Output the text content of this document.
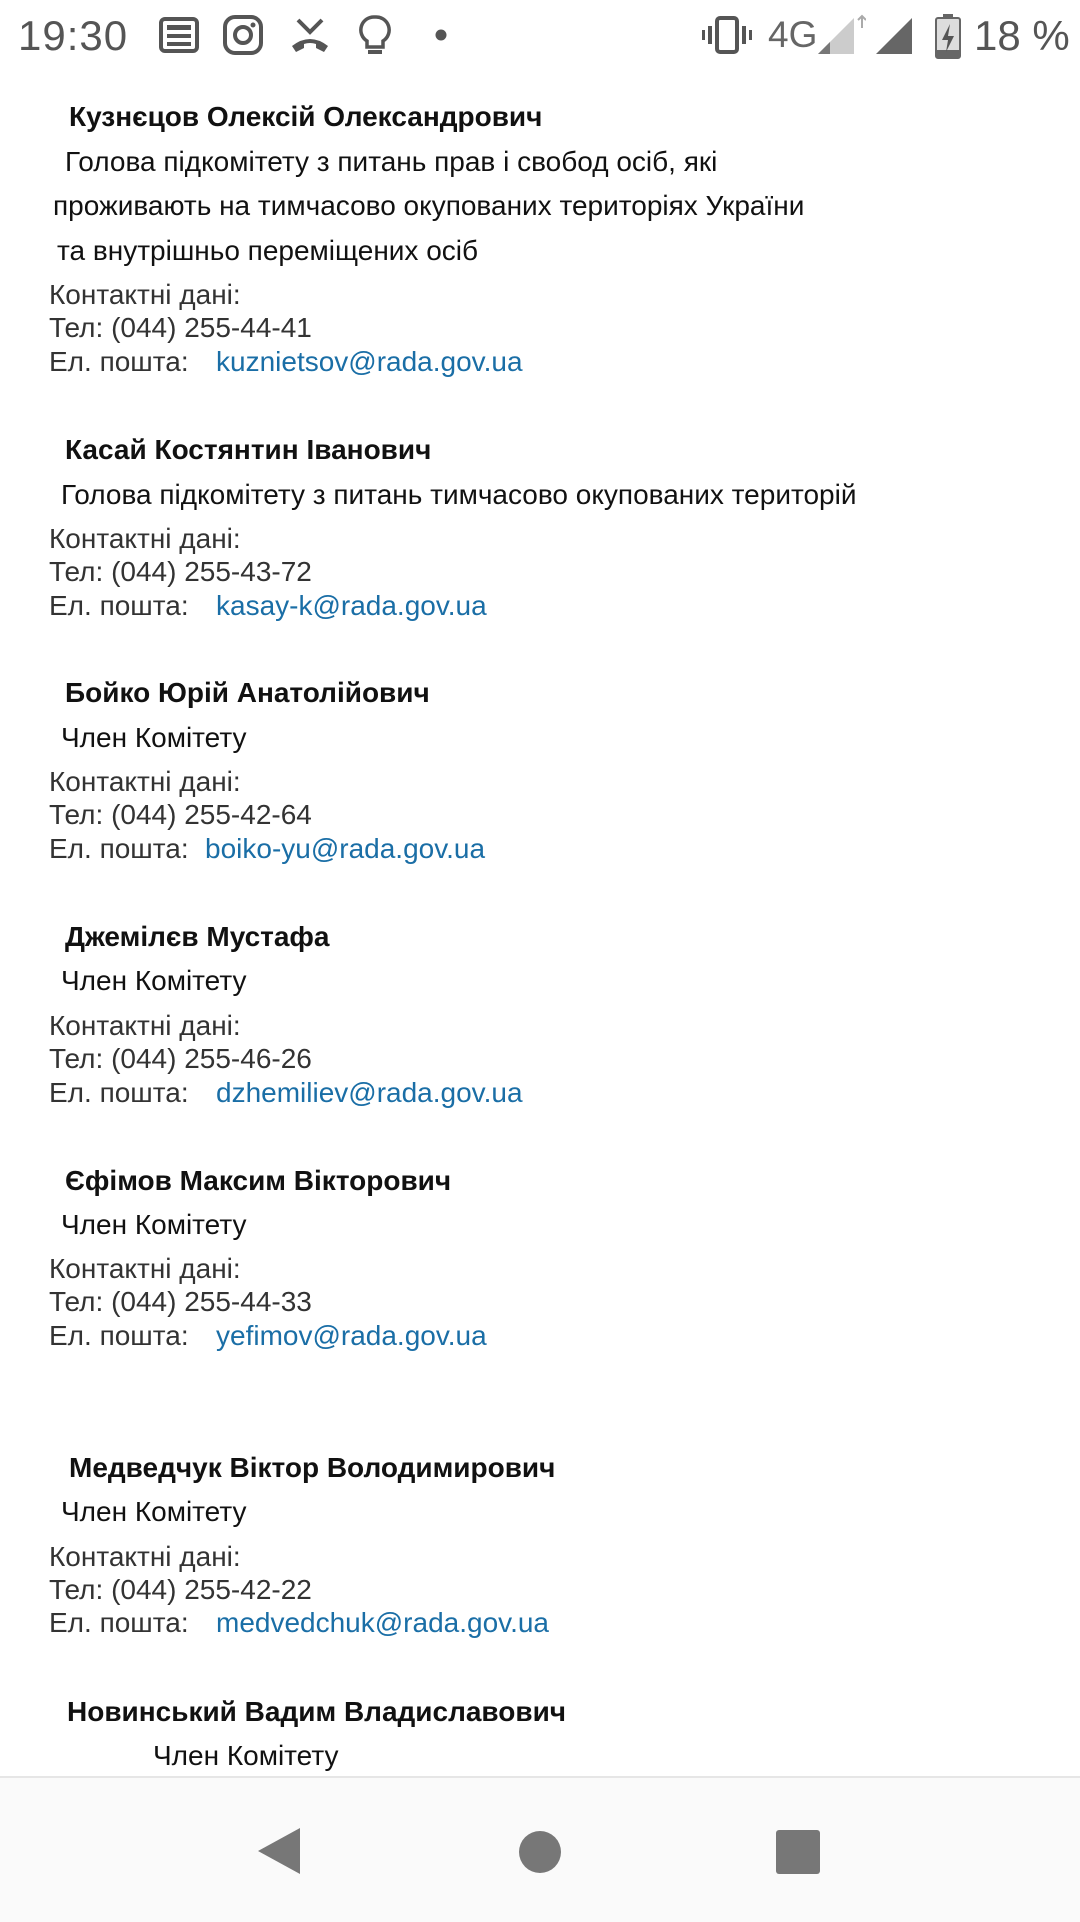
19:30	4G	18 %
Кузнєцов Олексій Олександрович
Голова підкомітету з питань прав і свобод осіб, які
проживають на тимчасово окупованих територіях України
та внутрішньо переміщених осіб
Контактні дані:
Тел: (044) 255-44-41
Ел. пошта: kuznietsov@rada.gov.ua
Касай Костянтин Іванович
Голова підкомітету з питань тимчасово окупованих територій
Контактні дані:
Тел: (044) 255-43-72
Ел. пошта: kasay-k@rada.gov.ua
Бойко Юрій Анатолійович
Член Комітету
Контактні дані:
Тел: (044) 255-42-64
Ел. пошта: boiko-yu@rada.gov.ua
Джемілєв Мустафа
Член Комітету
Контактні дані:
Тел: (044) 255-46-26
Ел. пошта: dzhemiliev@rada.gov.ua
Єфімов Максим Вікторович
Член Комітету
Контактні дані:
Тел: (044) 255-44-33
Ел. пошта: yefimov@rada.gov.ua
Медведчук Віктор Володимирович
Член Комітету
Контактні дані:
Тел: (044) 255-42-22
Ел. пошта: medvedchuk@rada.gov.ua
Новинський Вадим Владиславович
Член Комітету
